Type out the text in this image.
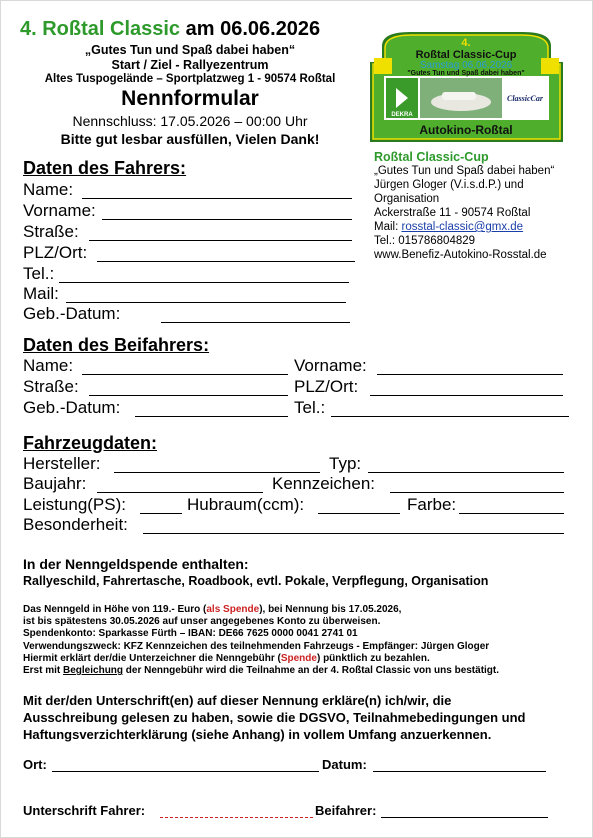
4. Roßtal Classic am 06.06.2026
„Gutes Tun und Spaß dabei haben“
Start / Ziel - Rallyezentrum
Altes Tuspogelände – Sportplatzweg 1 - 90574 Roßtal
Nennformular
Nennschluss: 17.05.2026 – 00:00 Uhr
Bitte gut lesbar ausfüllen, Vielen Dank!
4.
Roßtal Classic-Cup
Samstag 06.06.2026
"Gutes Tun und Spaß dabei haben"
DEKRA
ClassicCar
Autokino-Roßtal
Roßtal Classic-Cup
„Gutes Tun und Spaß dabei haben“
Jürgen Gloger (V.i.s.d.P.) und
Organisation
Ackerstraße 11 - 90574 Roßtal
Mail: rosstal-classic@gmx.de
Tel.: 015786804829
www.Benefiz-Autokino-Rosstal.de
Daten des Fahrers:
Name:
Vorname:
Straße:
PLZ/Ort:
Tel.:
Mail:
Geb.-Datum:
Daten des Beifahrers:
Name:	Vorname:
Straße:	PLZ/Ort:
Geb.-Datum:	Tel.:
Fahrzeugdaten:
Hersteller:	Typ:
Baujahr:	Kennzeichen:
Leistung(PS):	Hubraum(ccm):	Farbe:
Besonderheit:
In der Nenngeldspende enthalten:
Rallyeschild, Fahrertasche, Roadbook, evtl. Pokale, Verpflegung, Organisation
Das Nenngeld in Höhe von 119.- Euro (als Spende), bei Nennung bis 17.05.2026,
ist bis spätestens 30.05.2026 auf unser angegebenes Konto zu überweisen.
Spendenkonto: Sparkasse Fürth – IBAN: DE66 7625 0000 0041 2741 01
Verwendungszweck: KFZ Kennzeichen des teilnehmenden Fahrzeugs - Empfänger: Jürgen Gloger
Hiermit erklärt der/die Unterzeichner die Nenngebühr (Spende) pünktlich zu bezahlen.
Erst mit Begleichung der Nenngebühr wird die Teilnahme an der 4. Roßtal Classic von uns bestätigt.
Mit der/den Unterschrift(en) auf dieser Nennung erkläre(n) ich/wir, die
Ausschreibung gelesen zu haben, sowie die DGSVO, Teilnahmebedingungen und
Haftungsverzichterklärung (siehe Anhang) in vollem Umfang anzuerkennen.
Ort:	Datum:
Unterschrift Fahrer:	Beifahrer:
